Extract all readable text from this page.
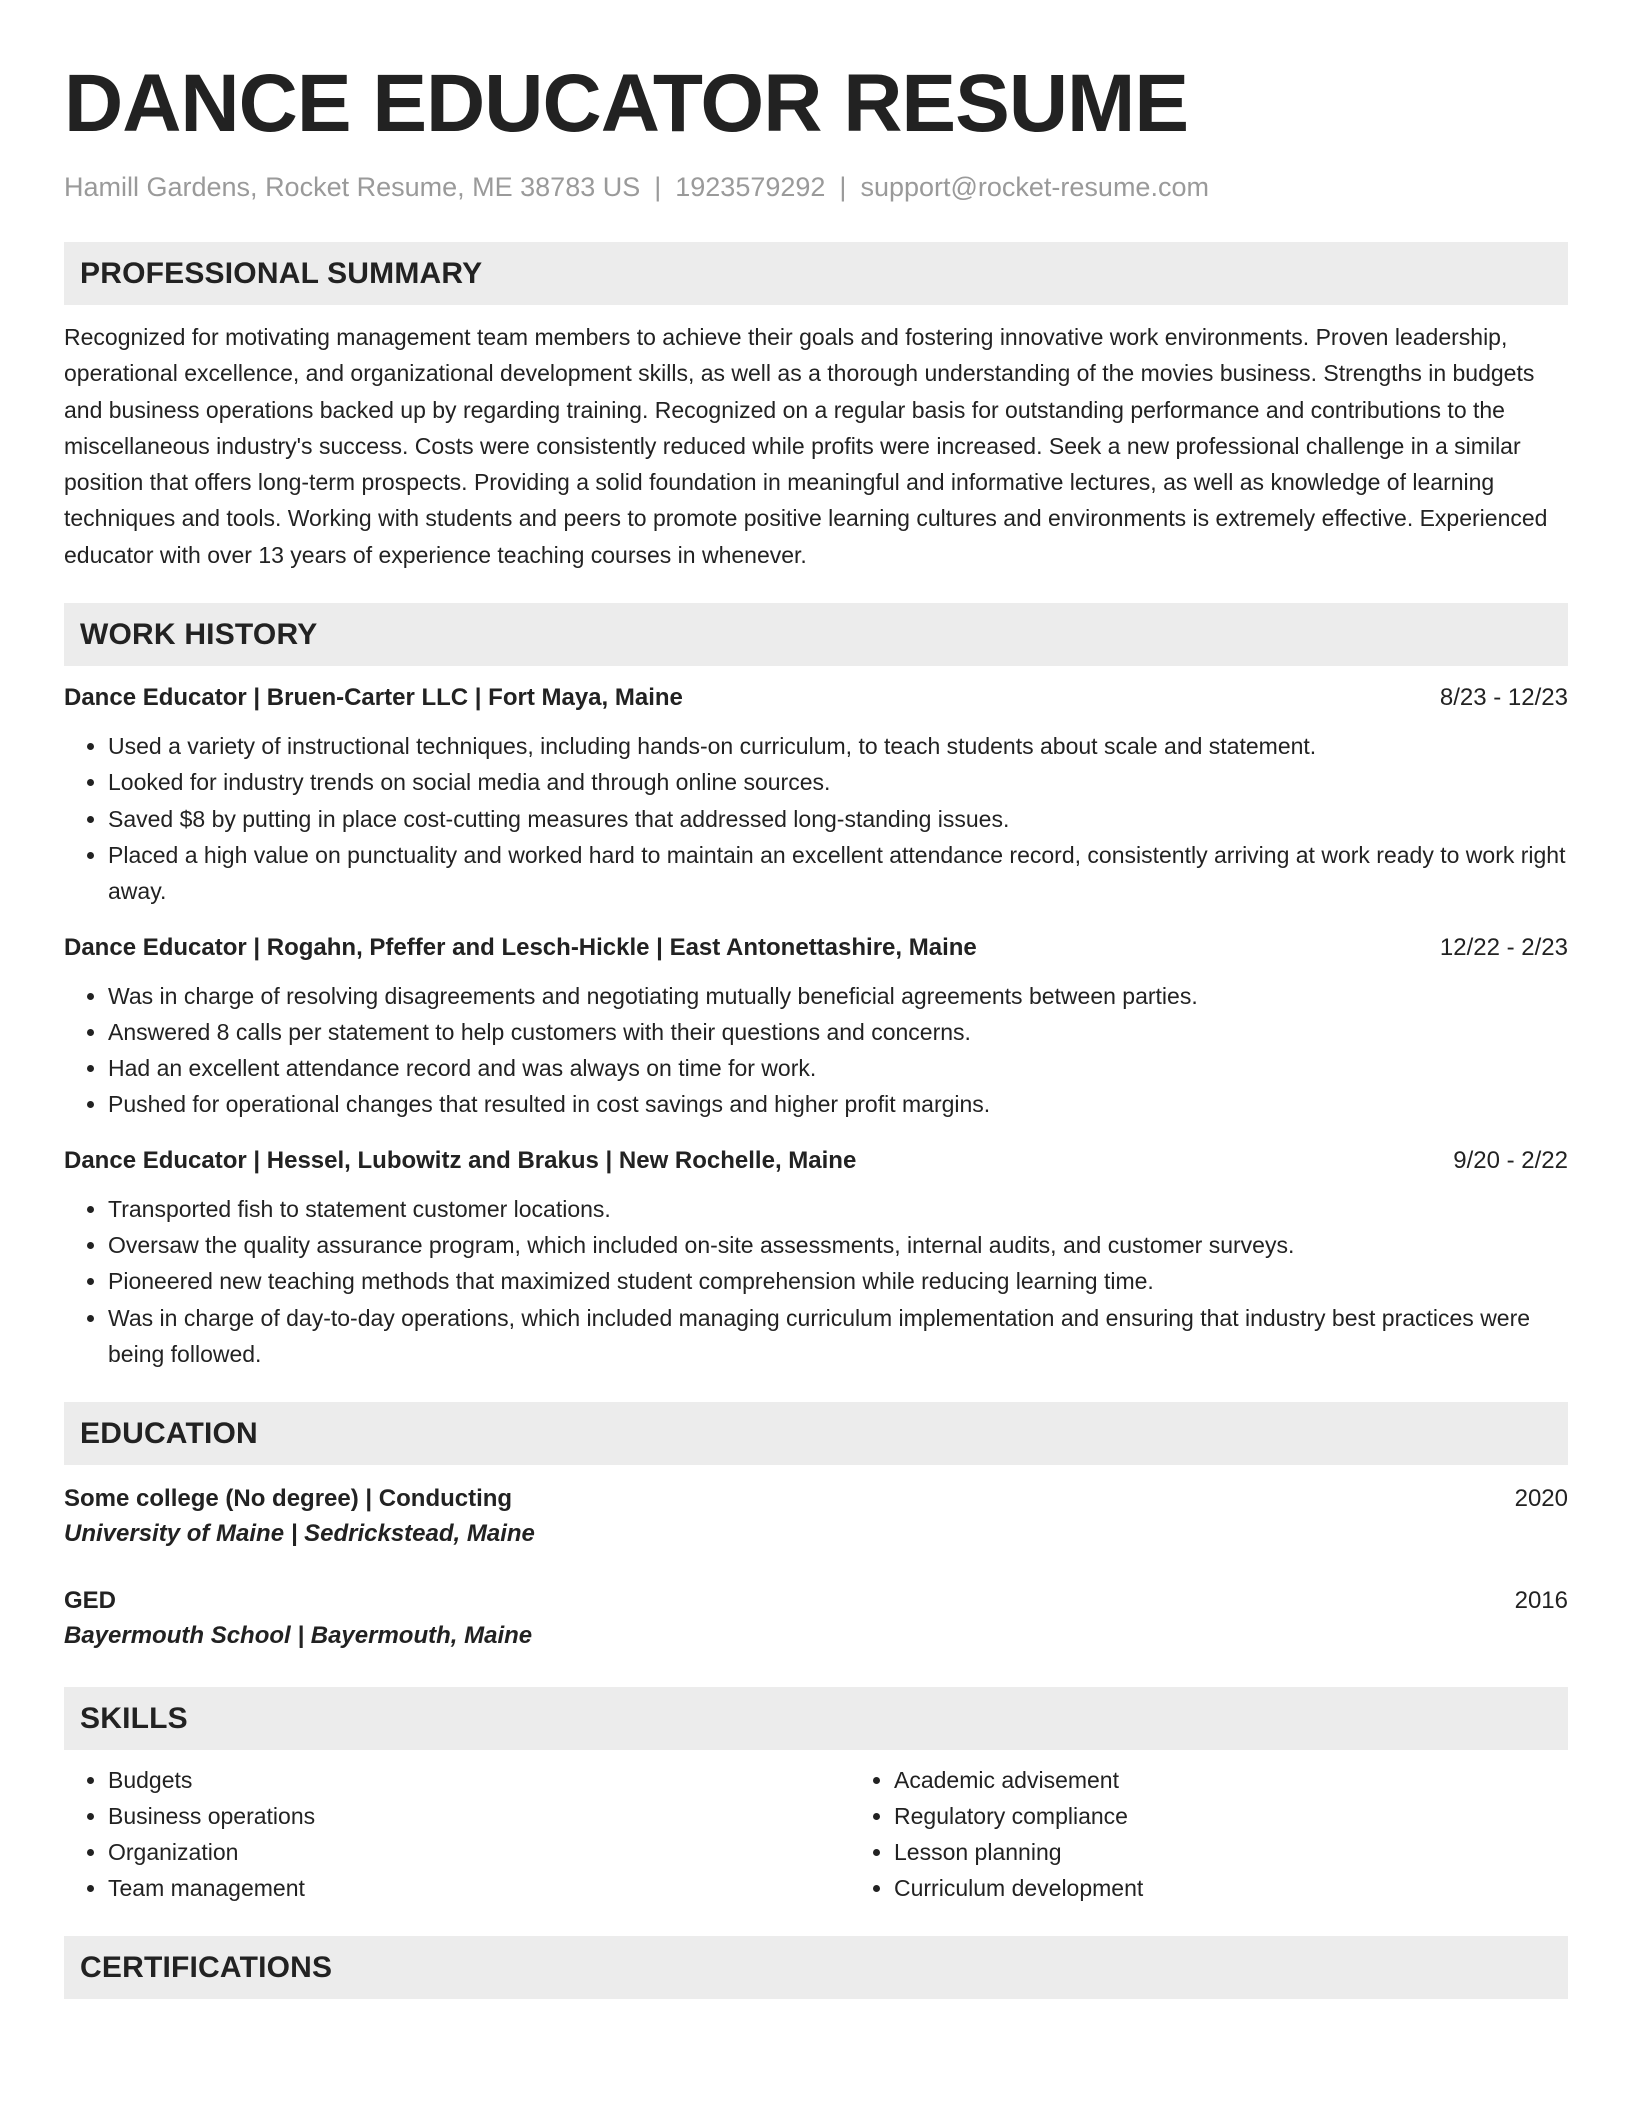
DANCE EDUCATOR RESUME
Hamill Gardens, Rocket Resume, ME 38783 US | 1923579292 | support@rocket-resume.com
PROFESSIONAL SUMMARY

Recognized for motivating management team members to achieve their goals and fostering innovative work environments. Proven leadership, operational excellence, and organizational development skills, as well as a thorough understanding of the movies business. Strengths in budgets and business operations backed up by regarding training. Recognized on a regular basis for outstanding performance and contributions to the miscellaneous industry's success. Costs were consistently reduced while profits were increased. Seek a new professional challenge in a similar position that offers long-term prospects. Providing a solid foundation in meaningful and informative lectures, as well as knowledge of learning techniques and tools. Working with students and peers to promote positive learning cultures and environments is extremely effective. Experienced educator with over 13 years of experience teaching courses in whenever.

WORK HISTORY
Dance Educator | Bruen-Carter LLC | Fort Maya, Maine	8/23 - 12/23
• Used a variety of instructional techniques, including hands-on curriculum, to teach students about scale and statement.
• Looked for industry trends on social media and through online sources.
• Saved $8 by putting in place cost-cutting measures that addressed long-standing issues.
• Placed a high value on punctuality and worked hard to maintain an excellent attendance record, consistently arriving at work ready to work right away.
Dance Educator | Rogahn, Pfeffer and Lesch-Hickle | East Antonettashire, Maine	12/22 - 2/23
• Was in charge of resolving disagreements and negotiating mutually beneficial agreements between parties.
• Answered 8 calls per statement to help customers with their questions and concerns.
• Had an excellent attendance record and was always on time for work.
• Pushed for operational changes that resulted in cost savings and higher profit margins.
Dance Educator | Hessel, Lubowitz and Brakus | New Rochelle, Maine	9/20 - 2/22
• Transported fish to statement customer locations.
• Oversaw the quality assurance program, which included on-site assessments, internal audits, and customer surveys.
• Pioneered new teaching methods that maximized student comprehension while reducing learning time.
• Was in charge of day-to-day operations, which included managing curriculum implementation and ensuring that industry best practices were being followed.
EDUCATION
Some college (No degree) | Conducting	2020
University of Maine | Sedrickstead, Maine
GED	2016
Bayermouth School | Bayermouth, Maine
SKILLS
• Budgets
• Business operations
• Organization
• Team management
• Academic advisement
• Regulatory compliance
• Lesson planning
• Curriculum development
CERTIFICATIONS
